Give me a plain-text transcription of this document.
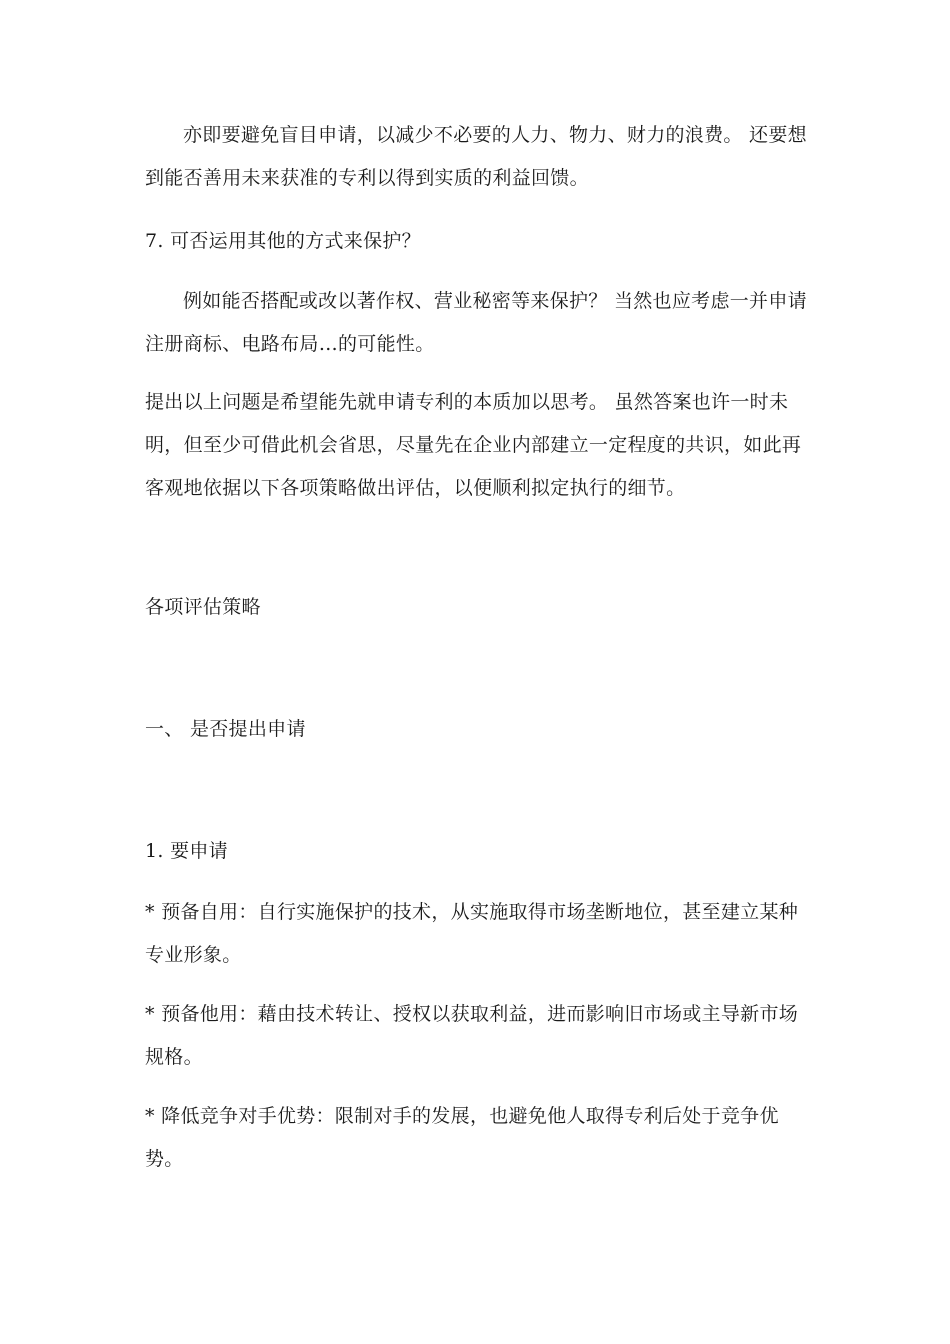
亦即要避免盲目申请，以减少不必要的人力、物力、财力的浪费。 还要想到能否善用未来获准的专利以得到实质的利益回馈。

7. 可否运用其他的方式来保护？

例如能否搭配或改以著作权、营业秘密等来保护？ 当然也应考虑一并申请注册商标、电路布局…的可能性。

提出以上问题是希望能先就申请专利的本质加以思考。 虽然答案也许一时未明，但至少可借此机会省思，尽量先在企业内部建立一定程度的共识，如此再客观地依据以下各项策略做出评估，以便顺利拟定执行的细节。

各项评估策略

一、 是否提出申请

1. 要申请

* 预备自用：自行实施保护的技术，从实施取得市场垄断地位，甚至建立某种专业形象。

* 预备他用：藉由技术转让、授权以获取利益，进而影响旧市场或主导新市场规格。

* 降低竞争对手优势：限制对手的发展，也避免他人取得专利后处于竞争优势。
